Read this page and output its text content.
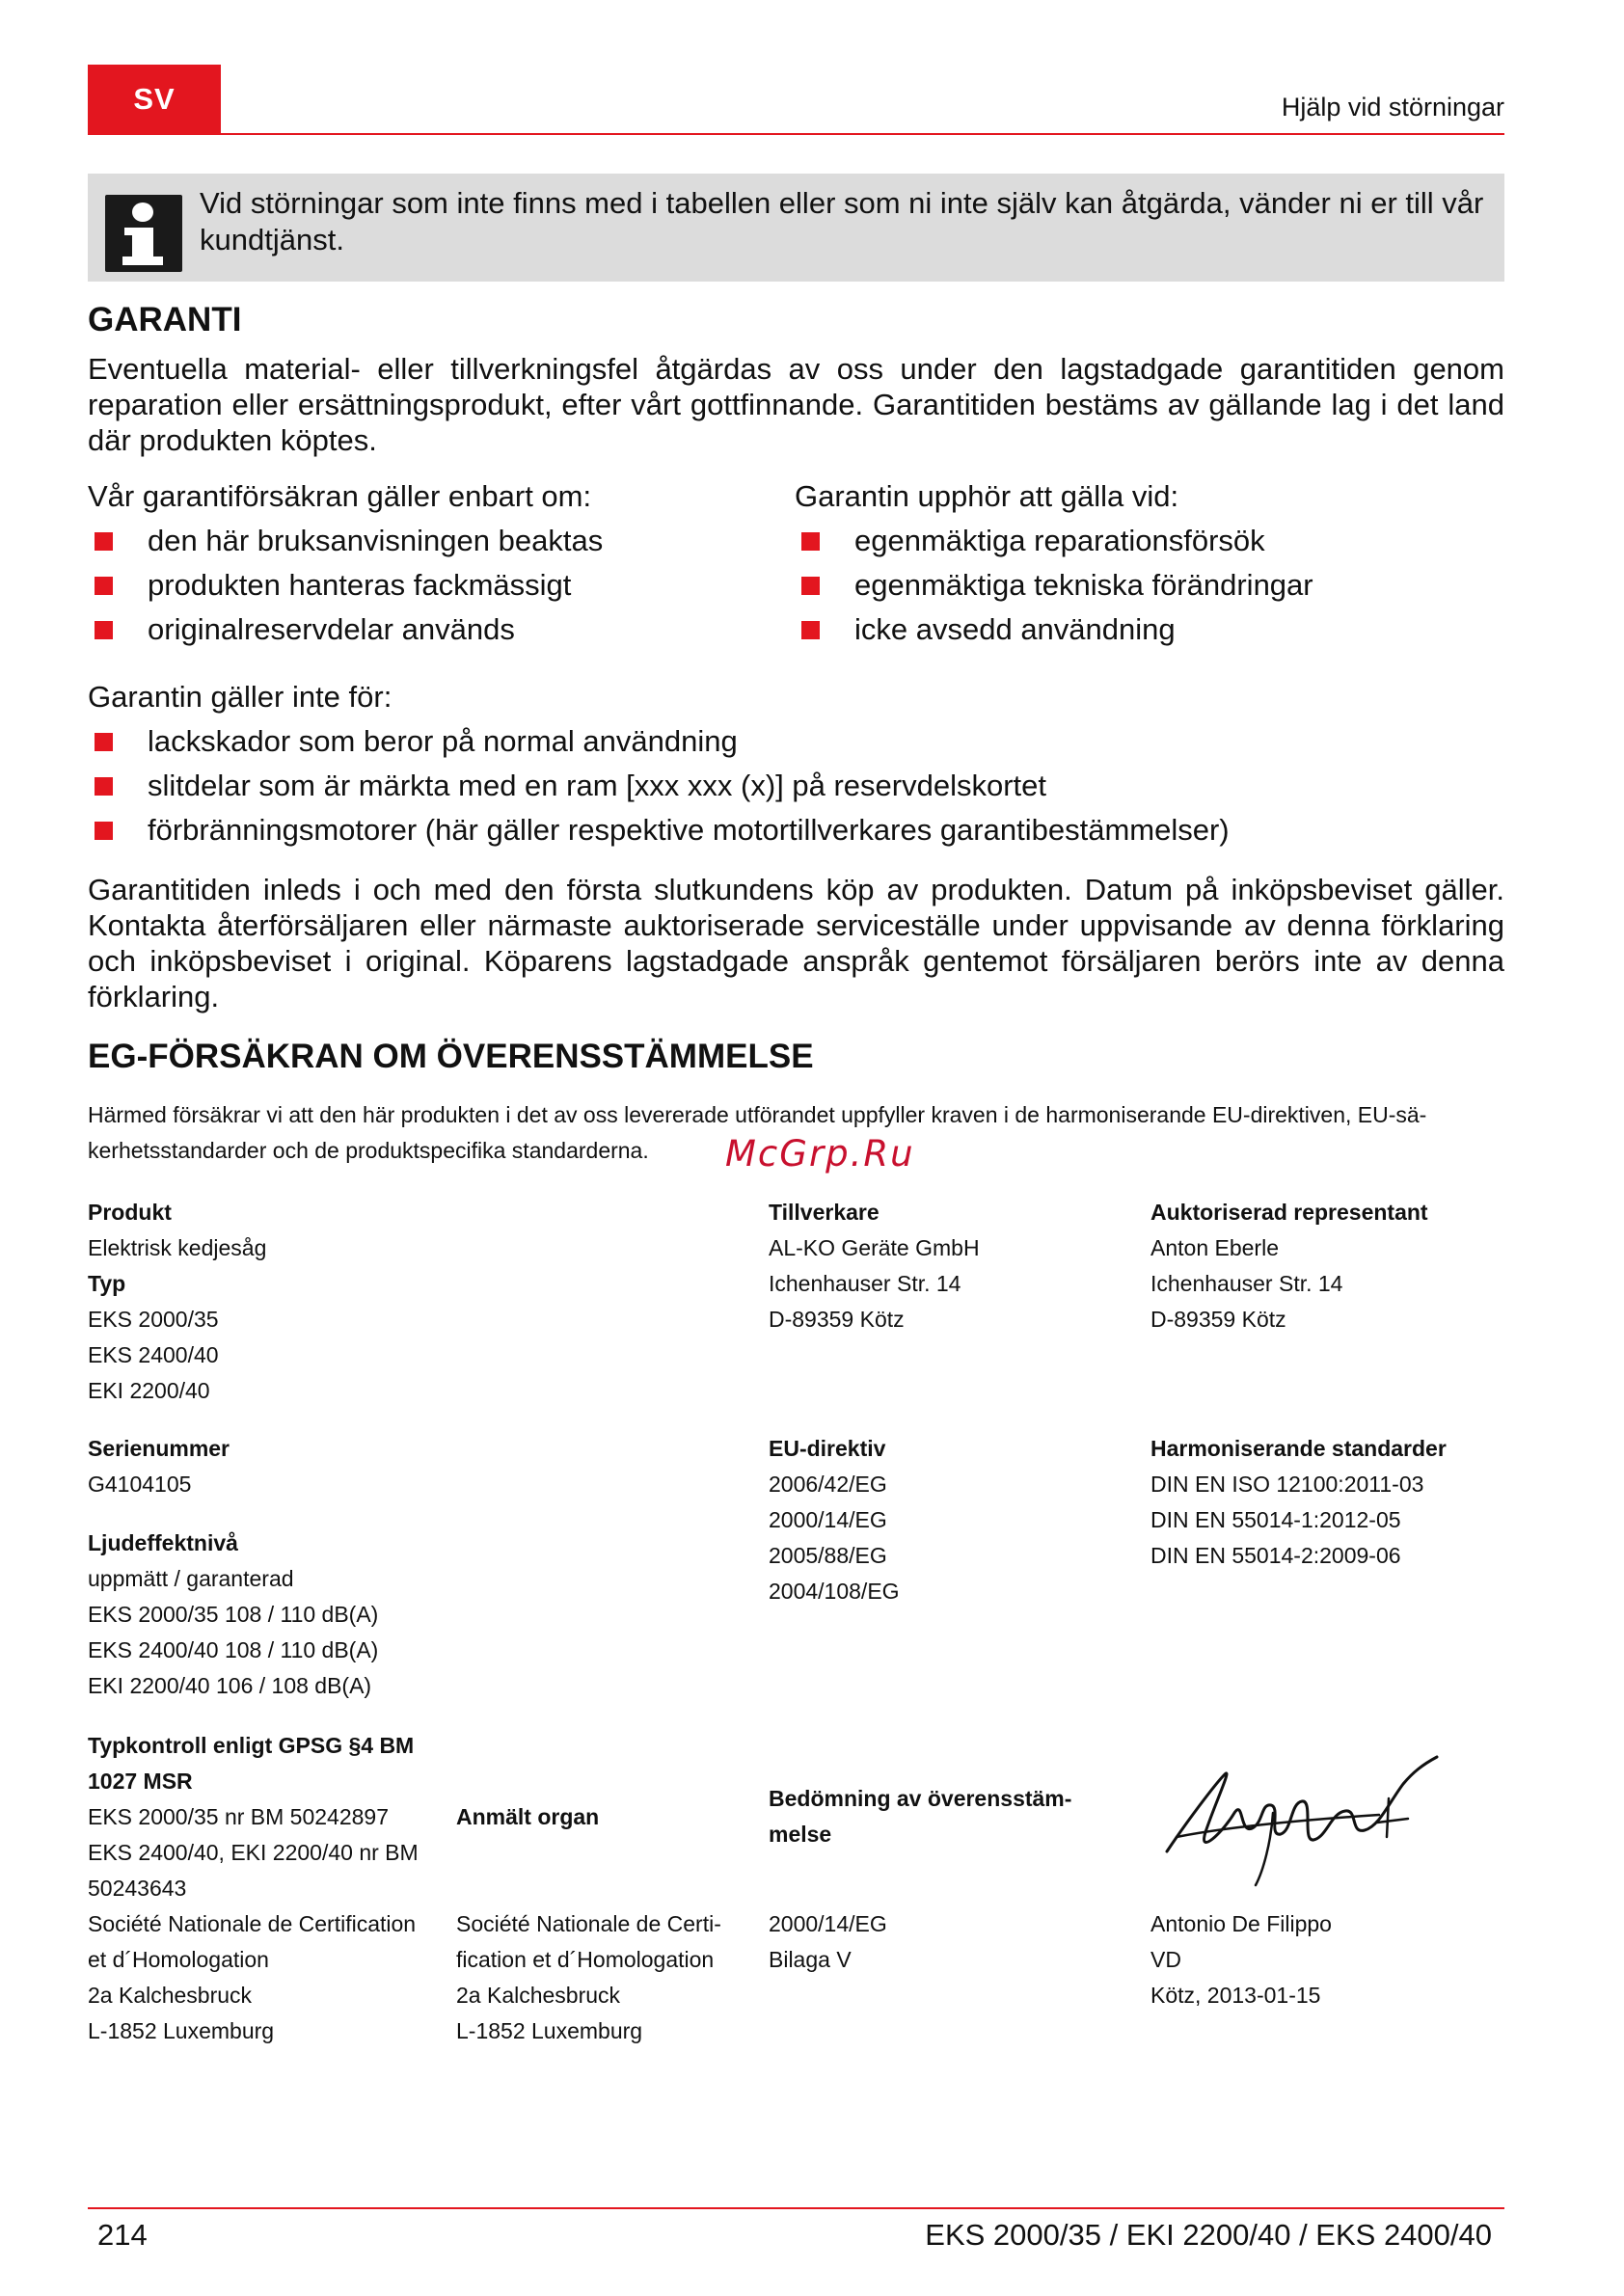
SV	Hjälp vid störningar
Vid störningar som inte finns med i tabellen eller som ni inte själv kan åtgärda, vänder ni er till vår kundtjänst.
GARANTI
Eventuella material- eller tillverkningsfel åtgärdas av oss under den lagstadgade garantitiden genom reparation eller ersättningsprodukt, efter vårt gottfinnande. Garantitiden bestäms av gällande lag i det land där produkten köptes.
Vår garantiförsäkran gäller enbart om:
den här bruksanvisningen beaktas
produkten hanteras fackmässigt
originalreservdelar används
Garantin upphör att gälla vid:
egenmäktiga reparationsförsök
egenmäktiga tekniska förändringar
icke avsedd användning
Garantin gäller inte för:
lackskador som beror på normal användning
slitdelar som är märkta med en ram [xxx xxx (x)] på reservdelskortet
förbränningsmotorer (här gäller respektive motortillverkares garantibestämmelser)
Garantitiden inleds i och med den första slutkundens köp av produkten. Datum på inköpsbeviset gäller. Kontakta återförsäljaren eller närmaste auktoriserade serviceställe under uppvisande av denna förklaring och inköpsbeviset i original. Köparens lagstadgade anspråk gentemot försäljaren berörs inte av denna förklaring.
EG-FÖRSÄKRAN OM ÖVERENSSTÄMMELSE
Härmed försäkrar vi att den här produkten i det av oss levererade utförandet uppfyller kraven i de harmoniserande EU-direktiven, EU-sä-
kerhetsstandarder och de produktspecifika standarderna.	McGrp.Ru
Produkt
Elektrisk kedjesåg
Typ
EKS 2000/35
EKS 2400/40
EKI 2200/40
Tillverkare
AL-KO Geräte GmbH
Ichenhauser Str. 14
D-89359 Kötz
Auktoriserad representant
Anton Eberle
Ichenhauser Str. 14
D-89359 Kötz
Serienummer
G4104105
Ljudeffektnivå
uppmätt / garanterad
EKS 2000/35 108 / 110 dB(A)
EKS 2400/40 108 / 110 dB(A)
EKI 2200/40 106 / 108 dB(A)
EU-direktiv
2006/42/EG
2000/14/EG
2005/88/EG
2004/108/EG
Harmoniserande standarder
DIN EN ISO 12100:2011-03
DIN EN 55014-1:2012-05
DIN EN 55014-2:2009-06
Typkontroll enligt GPSG §4 BM
1027 MSR
EKS 2000/35 nr BM 50242897
EKS 2400/40, EKI 2200/40 nr BM
50243643
Société Nationale de Certification
et d´Homologation
2a Kalchesbruck
L-1852 Luxemburg
Anmält organ
Société Nationale de Certi-
fication et d´Homologation
2a Kalchesbruck
L-1852 Luxemburg
Bedömning av överensstäm-
melse
2000/14/EG
Bilaga V
Antonio De Filippo
VD
Kötz, 2013-01-15
214	EKS 2000/35 / EKI 2200/40 / EKS 2400/40
